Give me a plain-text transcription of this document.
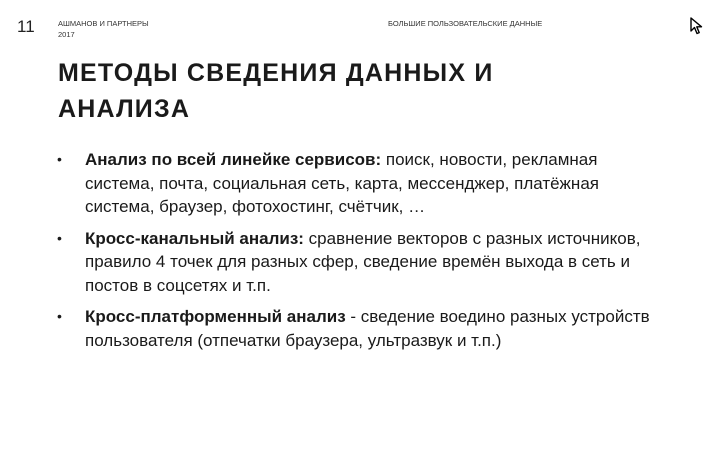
11	АШМАНОВ И ПАРТНЕРЫ
2017
БОЛЬШИЕ ПОЛЬЗОВАТЕЛЬСКИЕ ДАННЫЕ
МЕТОДЫ СВЕДЕНИЯ ДАННЫХ И
АНАЛИЗА
• Анализ по всей линейке сервисов: поиск, новости, рекламная система, почта, социальная сеть, карта, мессенджер, платёжная система, браузер, фотохостинг, счётчик, …
• Кросс-канальный анализ: сравнение векторов с разных источников, правило 4 точек для разных сфер, сведение времён выхода в сеть и постов в соцсетях и т.п.
• Кросс-платформенный анализ - сведение воедино разных устройств пользователя (отпечатки браузера, ультразвук и т.п.)
